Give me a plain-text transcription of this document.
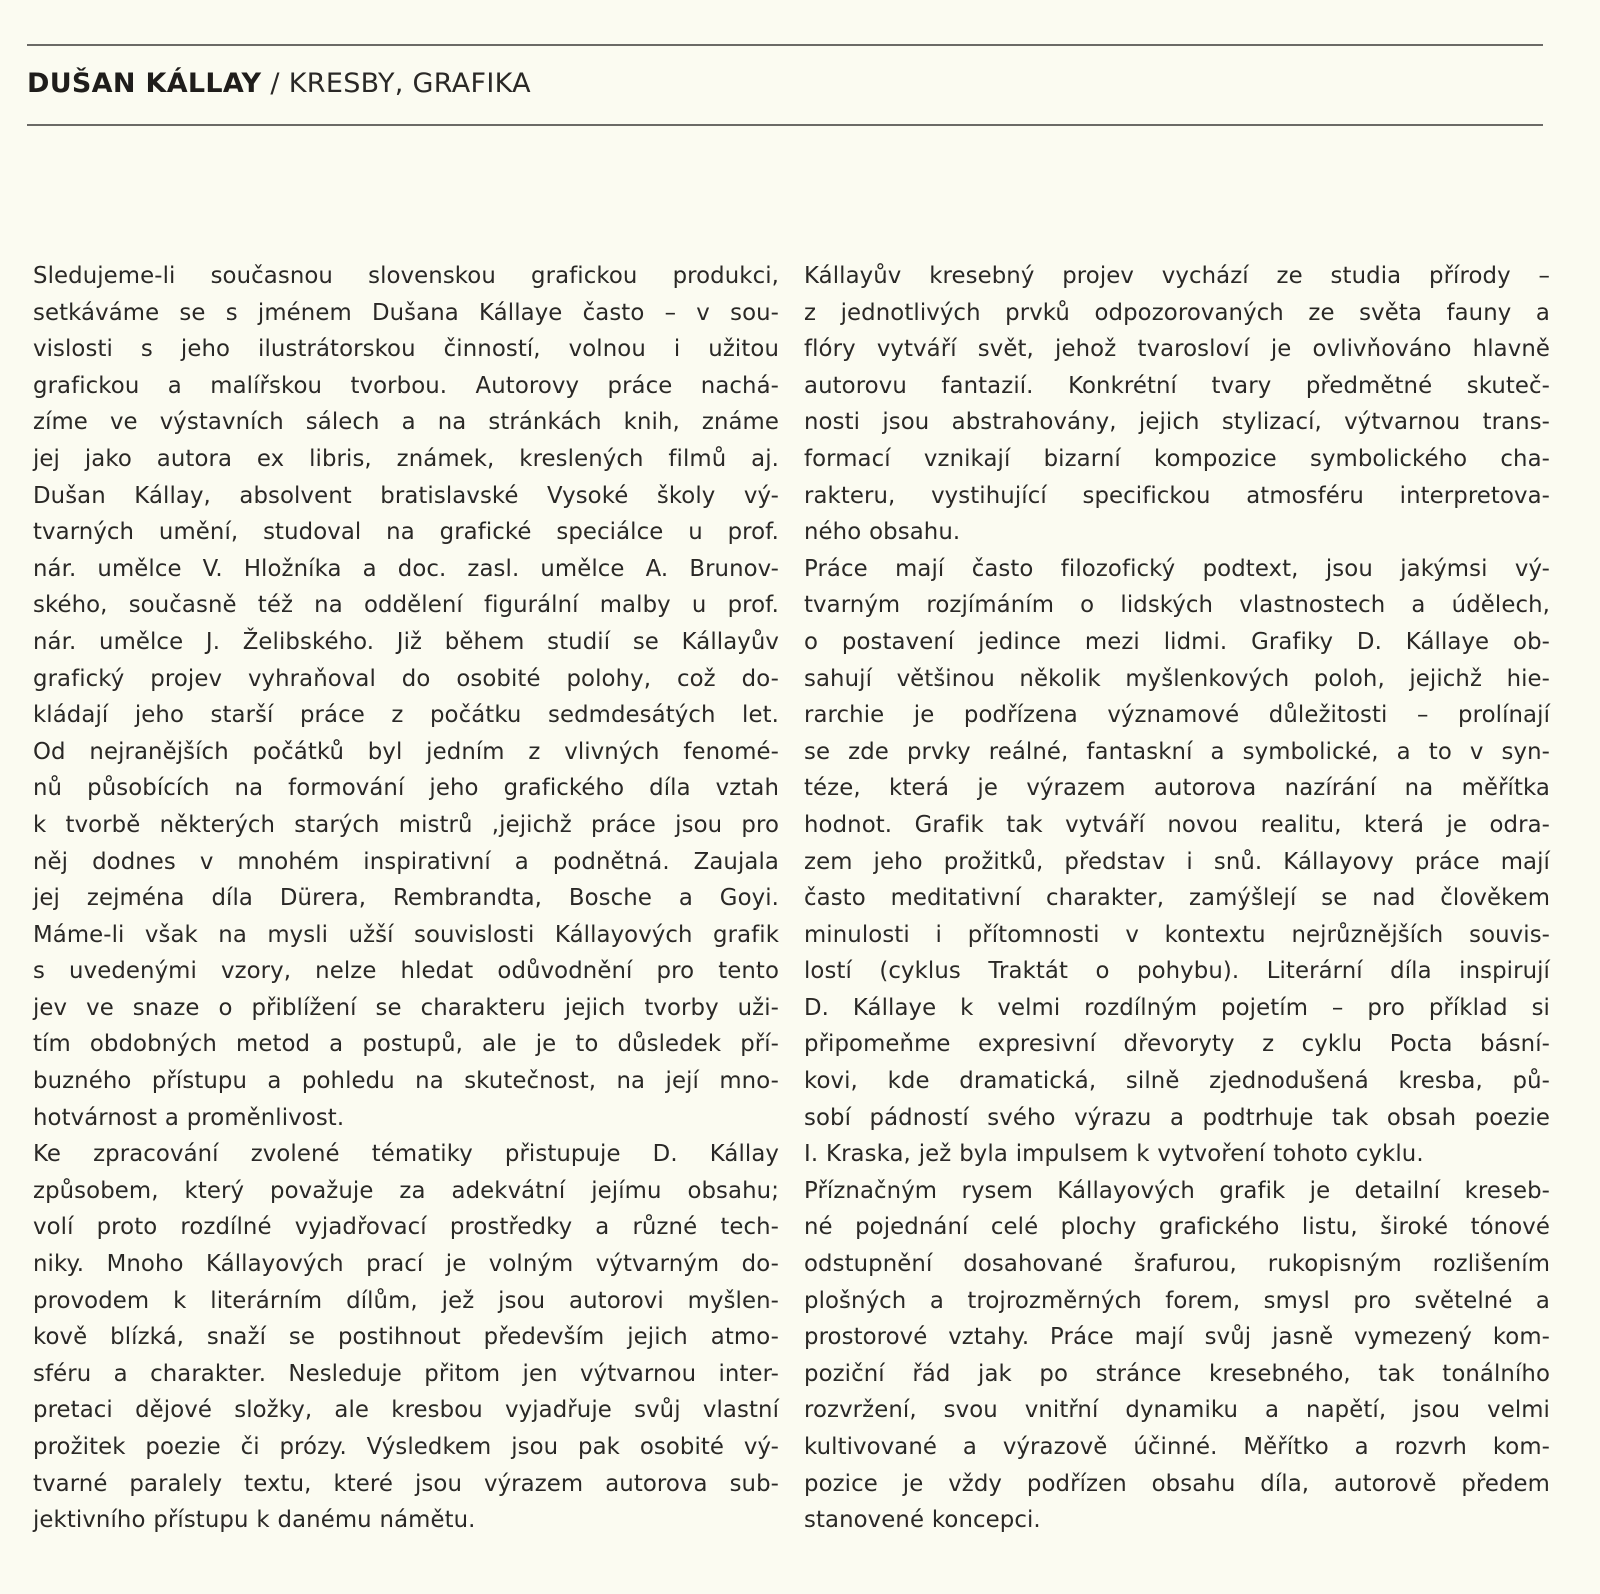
DUŠAN KÁLLAY / KRESBY, GRAFIKA

Sledujeme-li současnou slovenskou grafickou produkci,
setkáváme se s jménem Dušana Kállaye často – v sou-
vislosti s jeho ilustrátorskou činností, volnou i užitou
grafickou a malířskou tvorbou. Autorovy práce nachá-
zíme ve výstavních sálech a na stránkách knih, známe
jej jako autora ex libris, známek, kreslených filmů aj.
Dušan Kállay, absolvent bratislavské Vysoké školy vý-
tvarných umění, studoval na grafické speciálce u prof.
nár. umělce V. Hložníka a doc. zasl. umělce A. Brunov-
ského, současně též na oddělení figurální malby u prof.
nár. umělce J. Želibského. Již během studií se Kállayův
grafický projev vyhraňoval do osobité polohy, což do-
kládají jeho starší práce z počátku sedmdesátých let.
Od nejranějších počátků byl jedním z vlivných fenomé-
nů působících na formování jeho grafického díla vztah
k tvorbě některých starých mistrů ,jejichž práce jsou pro
něj dodnes v mnohém inspirativní a podnětná. Zaujala
jej zejména díla Dürera, Rembrandta, Bosche a Goyi.
Máme-li však na mysli užší souvislosti Kállayových grafik
s uvedenými vzory, nelze hledat odůvodnění pro tento
jev ve snaze o přiblížení se charakteru jejich tvorby uži-
tím obdobných metod a postupů, ale je to důsledek pří-
buzného přístupu a pohledu na skutečnost, na její mno-
hotvárnost a proměnlivost.

Ke zpracování zvolené tématiky přistupuje D. Kállay
způsobem, který považuje za adekvátní jejímu obsahu;
volí proto rozdílné vyjadřovací prostředky a různé tech-
niky. Mnoho Kállayových prací je volným výtvarným do-
provodem k literárním dílům, jež jsou autorovi myšlen-
kově blízká, snaží se postihnout především jejich atmo-
sféru a charakter. Nesleduje přitom jen výtvarnou inter-
pretaci dějové složky, ale kresbou vyjadřuje svůj vlastní
prožitek poezie či prózy. Výsledkem jsou pak osobité vý-
tvarné paralely textu, které jsou výrazem autorova sub-
jektivního přístupu k danému námětu.

Kállayův kresebný projev vychází ze studia přírody –
z jednotlivých prvků odpozorovaných ze světa fauny a
flóry vytváří svět, jehož tvarosloví je ovlivňováno hlavně
autorovu fantazií. Konkrétní tvary předmětné skuteč-
nosti jsou abstrahovány, jejich stylizací, výtvarnou trans-
formací vznikají bizarní kompozice symbolického cha-
rakteru, vystihující specifickou atmosféru interpretova-
ného obsahu.

Práce mají často filozofický podtext, jsou jakýmsi vý-
tvarným rozjímáním o lidských vlastnostech a údělech,
o postavení jedince mezi lidmi. Grafiky D. Kállaye ob-
sahují většinou několik myšlenkových poloh, jejichž hie-
rarchie je podřízena významové důležitosti – prolínají
se zde prvky reálné, fantaskní a symbolické, a to v syn-
téze, která je výrazem autorova nazírání na měřítka
hodnot. Grafik tak vytváří novou realitu, která je odra-
zem jeho prožitků, představ i snů. Kállayovy práce mají
často meditativní charakter, zamýšlejí se nad člověkem
minulosti i přítomnosti v kontextu nejrůznějších souvis-
lostí (cyklus Traktát o pohybu). Literární díla inspirují
D. Kállaye k velmi rozdílným pojetím – pro příklad si
připomeňme expresivní dřevoryty z cyklu Pocta básní-
kovi, kde dramatická, silně zjednodušená kresba, pů-
sobí pádností svého výrazu a podtrhuje tak obsah poezie
I. Kraska, jež byla impulsem k vytvoření tohoto cyklu.

Příznačným rysem Kállayových grafik je detailní kreseb-
né pojednání celé plochy grafického listu, široké tónové
odstupnění dosahované šrafurou, rukopisným rozlišením
plošných a trojrozměrných forem, smysl pro světelné a
prostorové vztahy. Práce mají svůj jasně vymezený kom-
poziční řád jak po stránce kresebného, tak tonálního
rozvržení, svou vnitřní dynamiku a napětí, jsou velmi
kultivované a výrazově účinné. Měřítko a rozvrh kom-
pozice je vždy podřízen obsahu díla, autorově předem
stanovené koncepci.
